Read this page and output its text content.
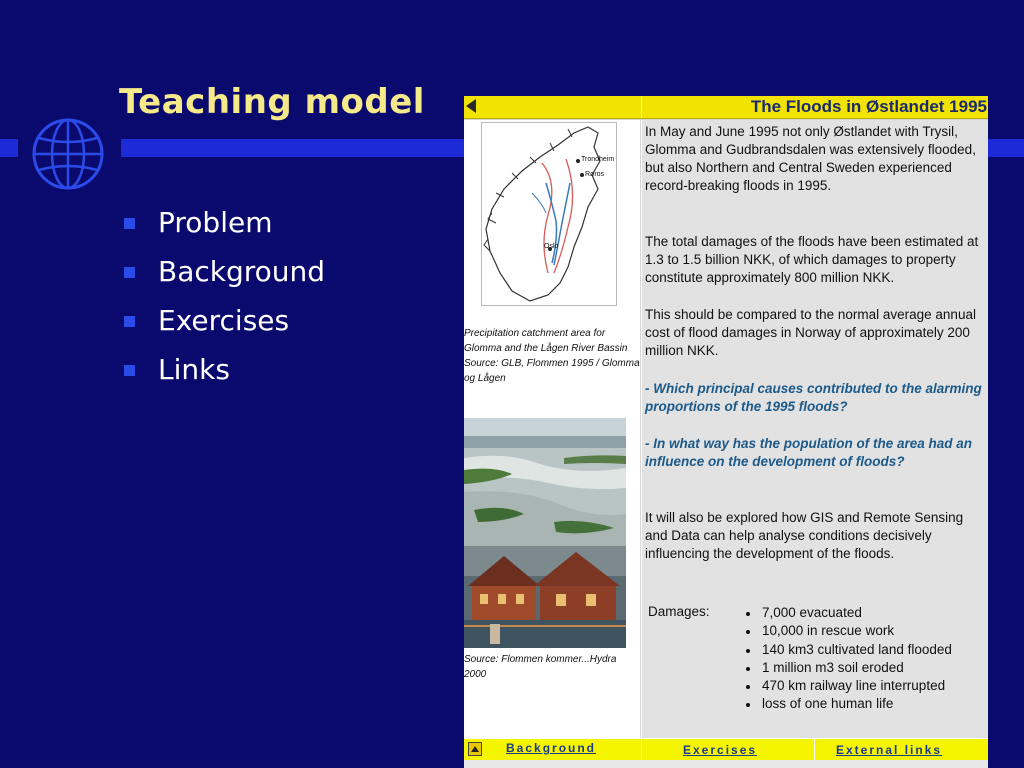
Teaching model
Problem
Background
Exercises
Links
The Floods in Østlandet 1995
Trondheim
Røros
Oslo
Precipitation catchment area for Glomma and the Lågen River Bassin Source: GLB, Flommen 1995 / Glomma og Lågen
Source: Flommen kommer...Hydra 2000

In May and June 1995 not only Østlandet with Trysil, Glomma and Gudbrandsdalen was extensively flooded, but also Northern and Central Sweden experienced record-breaking floods in 1995.

The total damages of the floods have been estimated at 1.3 to 1.5 billion NKK, of which damages to property constitute approximately 800 million NKK.

This should be compared to the normal average annual cost of flood damages in Norway of approximately 200 million NKK.

- Which principal causes contributed to the alarming proportions of the 1995 floods?

- In what way has the population of the area had an influence on the development of floods?

It will also be explored how GIS and Remote Sensing and Data can help analyse conditions decisively influencing the development of the floods.

Damages:	7,000 evacuated
10,000 in rescue work
140 km3 cultivated land flooded
1 million m3 soil eroded
470 km railway line interrupted
loss of one human life
Background	Exercises	External links
